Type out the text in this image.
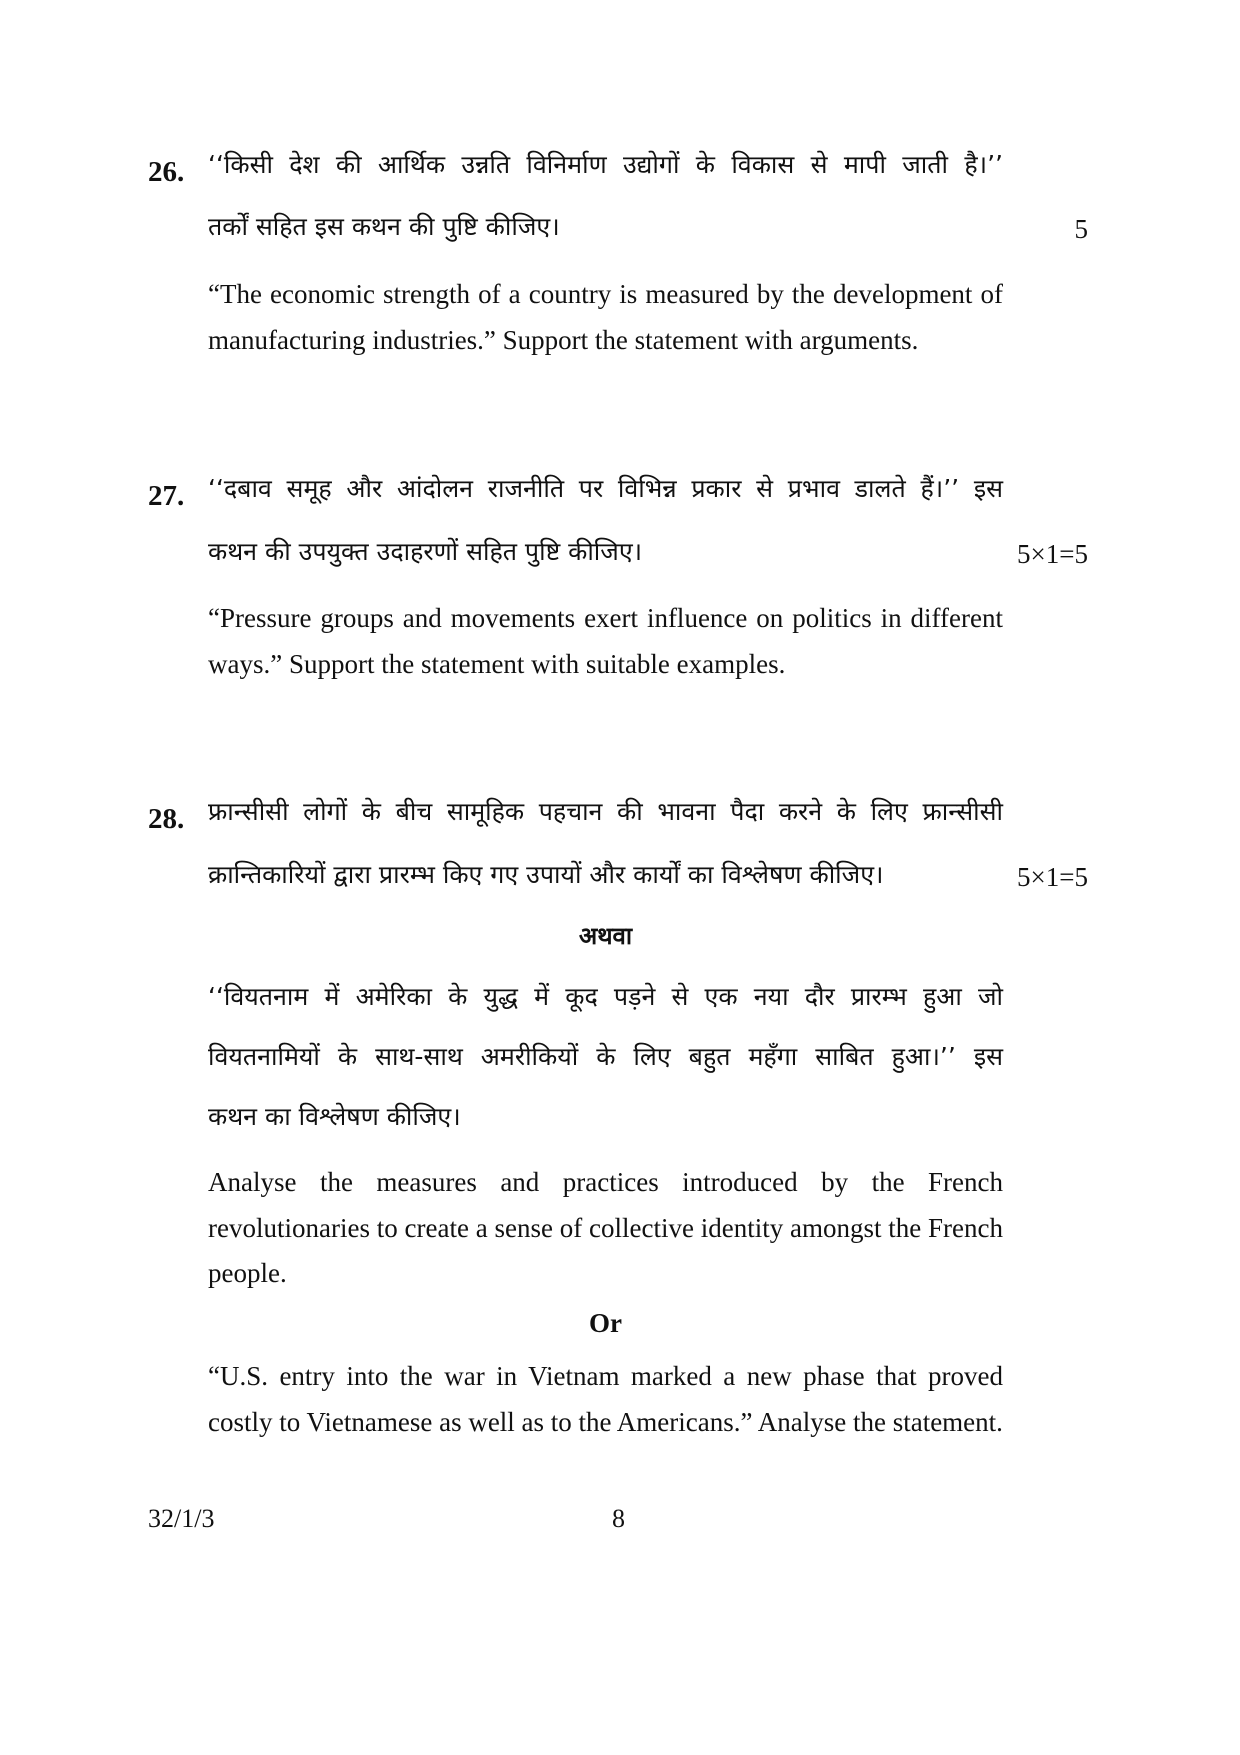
26. ‘‘किसी देश की आर्थिक उन्नति विनिर्माण उद्योगों के विकास से मापी जाती है।’’
तर्कों सहित इस कथन की पुष्टि कीजिए।	5
“The economic strength of a country is measured by the development of manufacturing industries.” Support the statement with arguments.
27. ‘‘दबाव समूह और आंदोलन राजनीति पर विभिन्न प्रकार से प्रभाव डालते हैं।’’ इस
कथन की उपयुक्त उदाहरणों सहित पुष्टि कीजिए।	5×1=5
“Pressure groups and movements exert influence on politics in different ways.” Support the statement with suitable examples.
28. फ्रान्सीसी लोगों के बीच सामूहिक पहचान की भावना पैदा करने के लिए फ्रान्सीसी
क्रान्तिकारियों द्वारा प्रारम्भ किए गए उपायों और कार्यों का विश्लेषण कीजिए।	5×1=5
अथवा
‘‘वियतनाम में अमेरिका के युद्ध में कूद पड़ने से एक नया दौर प्रारम्भ हुआ जो
वियतनामियों के साथ-साथ अमरीकियों के लिए बहुत महँगा साबित हुआ।’’ इस
कथन का विश्लेषण कीजिए।
Analyse the measures and practices introduced by the French revolutionaries to create a sense of collective identity amongst the French people.
Or
“U.S. entry into the war in Vietnam marked a new phase that proved costly to Vietnamese as well as to the Americans.” Analyse the statement.
32/1/3	8
